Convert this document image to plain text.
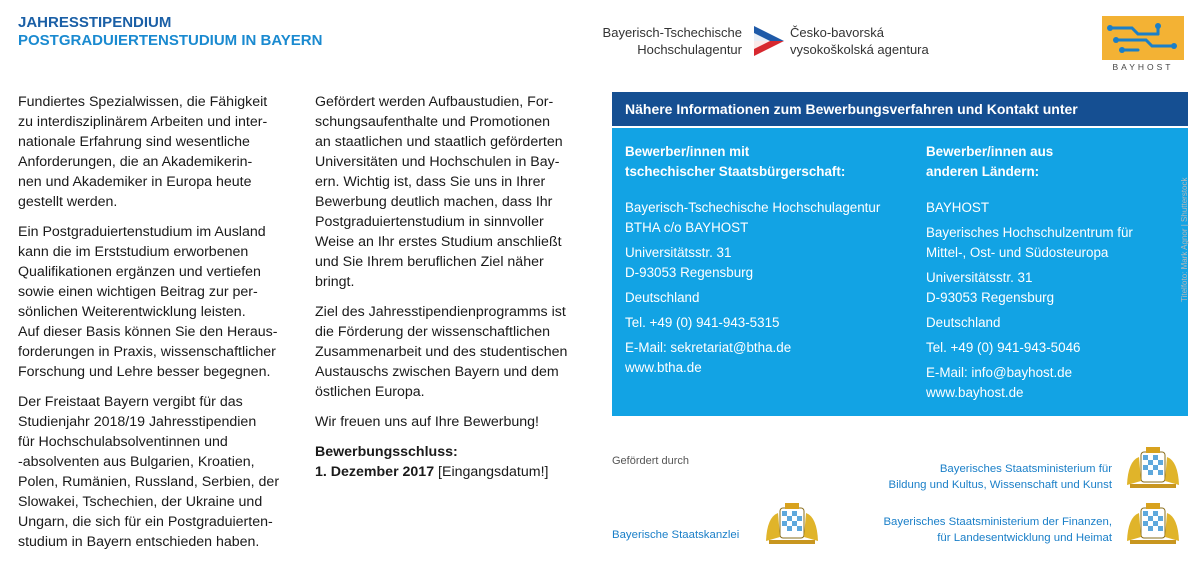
JAHRESSTIPENDIUM
POSTGRADUIERTENSTUDIUM IN BAYERN	Bayerisch-Tschechische
Hochschulagentur
Česko-bavorská
vysokoškolská agentura
BAYHOST

Fundiertes Spezialwissen, die Fähigkeit
zu interdisziplinärem Arbeiten und inter-
nationale Erfahrung sind wesentliche
Anforderungen, die an Akademikerin-
nen und Akademiker in Europa heute
gestellt werden.

Ein Postgraduiertenstudium im Ausland
kann die im Erststudium erworbenen
Qualifikationen ergänzen und vertiefen
sowie einen wichtigen Beitrag zur per-
sönlichen Weiterentwicklung leisten.
Auf dieser Basis können Sie den Heraus-
forderungen in Praxis, wissenschaftlicher
Forschung und Lehre besser begegnen.

Der Freistaat Bayern vergibt für das
Studienjahr 2018/19 Jahresstipendien
für Hochschulabsolventinnen und
-absolventen aus Bulgarien, Kroatien,
Polen, Rumänien, Russland, Serbien, der
Slowakei, Tschechien, der Ukraine und
Ungarn, die sich für ein Postgraduierten-
studium in Bayern entschieden haben.

Gefördert werden Aufbaustudien, For-
schungsaufenthalte und Promotionen
an staatlichen und staatlich geförderten
Universitäten und Hochschulen in Bay-
ern. Wichtig ist, dass Sie uns in Ihrer
Bewerbung deutlich machen, dass Ihr
Postgraduiertenstudium in sinnvoller
Weise an Ihr erstes Studium anschließt
und Sie Ihrem beruflichen Ziel näher
bringt.

Ziel des Jahresstipendienprogramms ist
die Förderung der wissenschaftlichen
Zusammenarbeit und des studentischen
Austauschs zwischen Bayern und dem
östlichen Europa.

Wir freuen uns auf Ihre Bewerbung!

Bewerbungsschluss:
1. Dezember 2017 [Eingangsdatum!]
Nähere Informationen zum Bewerbungsverfahren und Kontakt unter
Bewerber/innen mit
tschechischer Staatsbürgerschaft:
Bayerisch-Tschechische Hochschulagentur
BTHA c/o BAYHOST
Universitätsstr. 31
D-93053 Regensburg
Deutschland
Tel. +49 (0) 941-943-5315
E-Mail: sekretariat@btha.de
www.btha.de
Bewerber/innen aus
anderen Ländern:
BAYHOST
Bayerisches Hochschulzentrum für
Mittel-, Ost- und Südosteuropa
Universitätsstr. 31
D-93053 Regensburg
Deutschland
Tel. +49 (0) 941-943-5046
E-Mail: info@bayhost.de
www.bayhost.de
Titelfoto: Mark Agnor | Shutterstock
Gefördert durch
Bayerisches Staatsministerium für
Bildung und Kultus, Wissenschaft und Kunst
Bayerische Staatskanzlei
Bayerisches Staatsministerium der Finanzen,
für Landesentwicklung und Heimat
